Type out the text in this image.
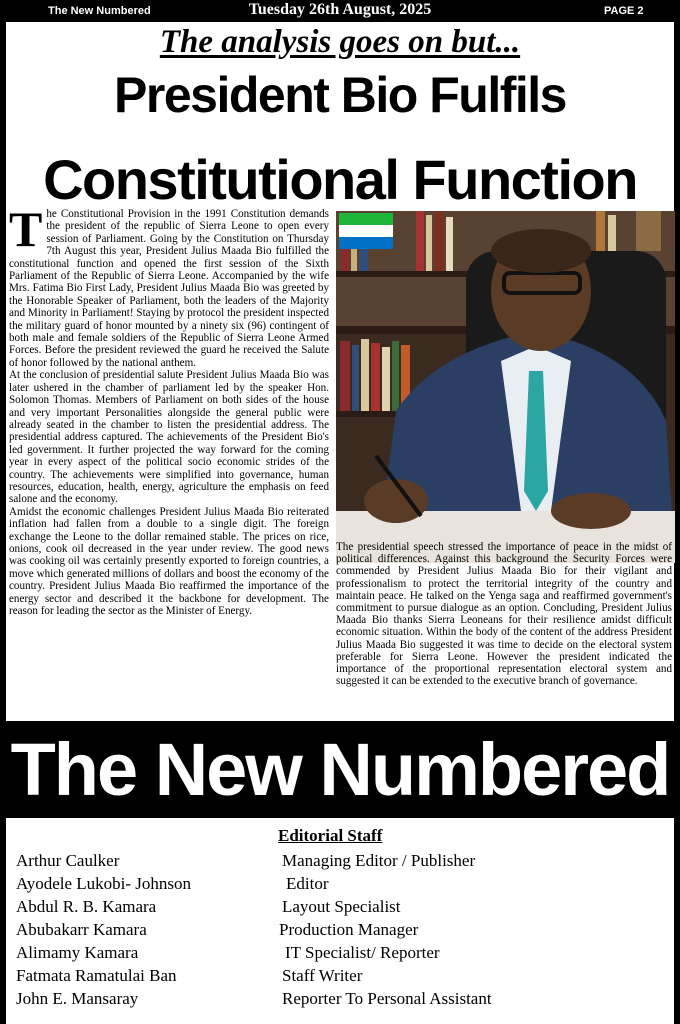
The New Numbered	Tuesday 26th August, 2025	PAGE 2
The analysis goes on but...
President Bio Fulfils
Constitutional Function

The Constitutional Provision in the 1991 Constitution demands the president of the republic of Sierra Leone to open every session of Parliament. Going by the Constitution on Thursday 7th August this year, President Julius Maada Bio fulfilled the constitutional function and opened the first session of the Sixth Parliament of the Republic of Sierra Leone. Accompanied by the wife Mrs. Fatima Bio First Lady, President Julius Maada Bio was greeted by the Honorable Speaker of Parliament, both the leaders of the Majority and Minority in Parliament! Staying by protocol the president inspected the military guard of honor mounted by a ninety six (96) contingent of both male and female soldiers of the Republic of Sierra Leone Armed Forces. Before the president reviewed the guard he received the Salute of honor followed by the national anthem.

At the conclusion of presidential salute President Julius Maada Bio was later ushered in the chamber of parliament led by the speaker Hon. Solomon Thomas. Members of Parliament on both sides of the house and very important Personalities alongside the general public were already seated in the chamber to listen the presidential address. The presidential address captured. The achievements of the President Bio's led government. It further projected the way forward for the coming year in every aspect of the political socio economic strides of the country. The achievements were simplified into governance, human resources, education, health, energy, agriculture the emphasis on feed salone and the economy.

Amidst the economic challenges President Julius Maada Bio reiterated inflation had fallen from a double to a single digit. The foreign exchange the Leone to the dollar remained stable. The prices on rice, onions, cook oil decreased in the year under review. The good news was cooking oil was certainly presently exported to foreign countries, a move which generated millions of dollars and boost the economy of the country. President Julius Maada Bio reaffirmed the importance of the energy sector and described it the backbone for development. The reason for leading the sector as the Minister of Energy.

The presidential speech stressed the importance of peace in the midst of political differences. Against this background the Security Forces were commended by President Julius Maada Bio for their vigilant and professionalism to protect the territorial integrity of the country and maintain peace. He talked on the Yenga saga and reaffirmed government's commitment to pursue dialogue as an option. Concluding, President Julius Maada Bio thanks Sierra Leoneans for their resilience amidst difficult economic situation. Within the body of the content of the address President Julius Maada Bio suggested it was time to decide on the electoral system preferable for Sierra Leone. However the president indicated the importance of the proportional representation electoral system and suggested it can be extended to the executive branch of governance.

The New Numbered
Editorial Staff
Arthur Caulker	Managing Editor / Publisher
Ayodele Lukobi- Johnson	Editor
Abdul R. B. Kamara	Layout Specialist
Abubakarr Kamara	Production Manager
Alimamy Kamara	IT Specialist/ Reporter
Fatmata Ramatulai Ban	Staff Writer
John E. Mansaray	Reporter To Personal Assistant
